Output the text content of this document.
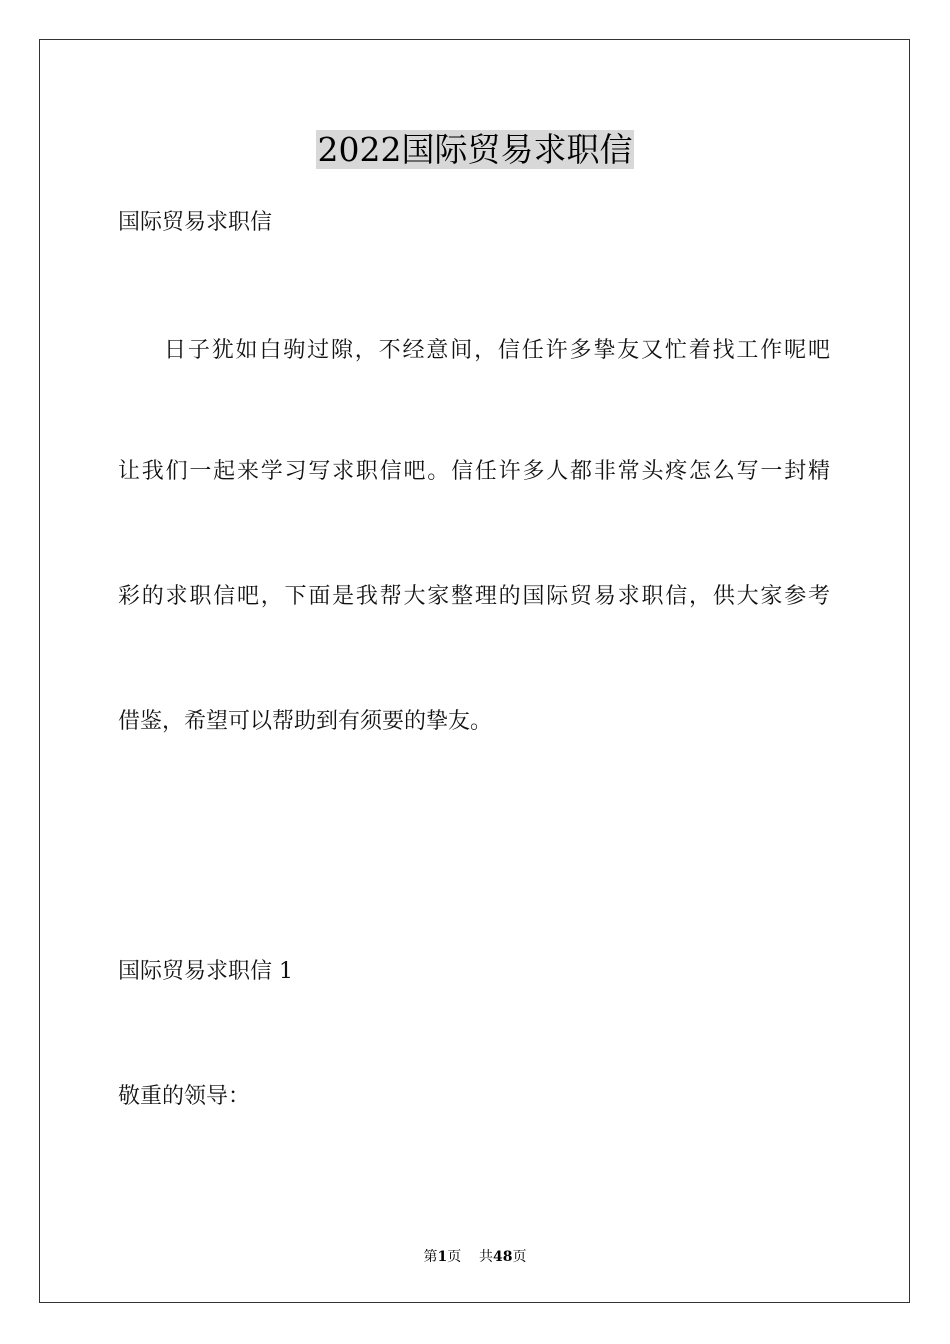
2022国际贸易求职信
国际贸易求职信
日子犹如白驹过隙，不经意间，信任许多挚友又忙着找工作呢吧
让我们一起来学习写求职信吧。信任许多人都非常头疼怎么写一封精
彩的求职信吧，下面是我帮大家整理的国际贸易求职信，供大家参考
借鉴，希望可以帮助到有须要的挚友。
国际贸易求职信 1
敬重的领导：
第1页 共48页
